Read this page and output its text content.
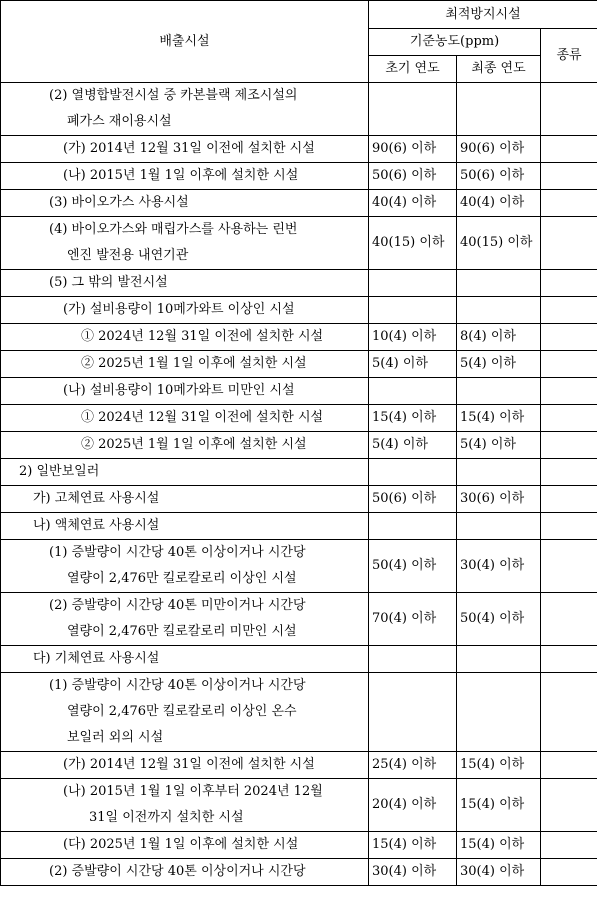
배출시설	최적방지시설		
	기준농도(ppm)		종류
	초기 연도	최종 연도	

(2) 열병합발전시설 중 카본블랙 제조시설의
폐가스 재이용시설			

(가) 2014년 12월 31일 이전에 설치한 시설	90(6) 이하	90(6) 이하	

(나) 2015년 1월 1일 이후에 설치한 시설	50(6) 이하	50(6) 이하	

(3) 바이오가스 사용시설	40(4) 이하	40(4) 이하	

(4) 바이오가스와 매립가스를 사용하는 린번
엔진 발전용 내연기관	40(15) 이하	40(15) 이하	

(5) 그 밖의 발전시설			

(가) 설비용량이 10메가와트 이상인 시설			

① 2024년 12월 31일 이전에 설치한 시설	10(4) 이하	8(4) 이하	

② 2025년 1월 1일 이후에 설치한 시설	5(4) 이하	5(4) 이하	

(나) 설비용량이 10메가와트 미만인 시설			

① 2024년 12월 31일 이전에 설치한 시설	15(4) 이하	15(4) 이하	

② 2025년 1월 1일 이후에 설치한 시설	5(4) 이하	5(4) 이하	

2) 일반보일러			

가) 고체연료 사용시설	50(6) 이하	30(6) 이하	

나) 액체연료 사용시설			

(1) 증발량이 시간당 40톤 이상이거나 시간당
열량이 2,476만 킬로칼로리 이상인 시설	50(4) 이하	30(4) 이하	

(2) 증발량이 시간당 40톤 미만이거나 시간당
열량이 2,476만 킬로칼로리 미만인 시설	70(4) 이하	50(4) 이하	

다) 기체연료 사용시설			

(1) 증발량이 시간당 40톤 이상이거나 시간당
열량이 2,476만 킬로칼로리 이상인 온수
보일러 외의 시설			

(가) 2014년 12월 31일 이전에 설치한 시설	25(4) 이하	15(4) 이하	

(나) 2015년 1월 1일 이후부터 2024년 12월
31일 이전까지 설치한 시설	20(4) 이하	15(4) 이하	

(다) 2025년 1월 1일 이후에 설치한 시설	15(4) 이하	15(4) 이하	

(2) 증발량이 시간당 40톤 이상이거나 시간당	30(4) 이하	30(4) 이하	
